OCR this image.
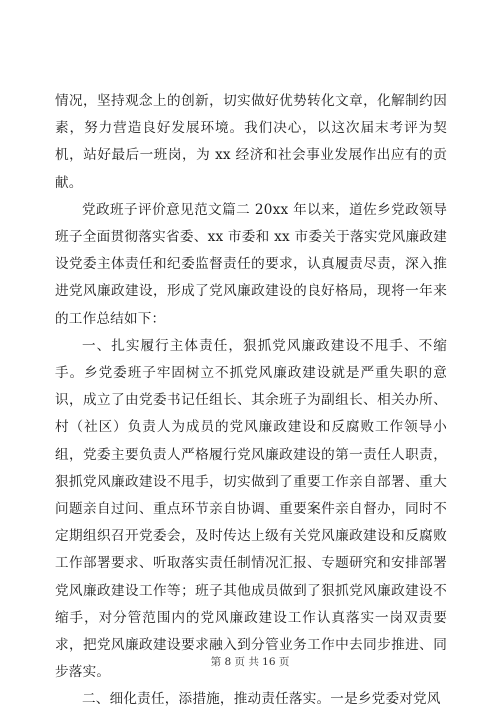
情况，坚持观念上的创新，切实做好优势转化文章，化解制约因素，努力营造良好发展环境。我们决心，以这次届末考评为契机，站好最后一班岗，为 xx 经济和社会事业发展作出应有的贡献。

党政班子评价意见范文篇二 20xx 年以来，道佐乡党政领导班子全面贯彻落实省委、xx 市委和 xx 市委关于落实党风廉政建设党委主体责任和纪委监督责任的要求，认真履责尽责，深入推进党风廉政建设，形成了党风廉政建设的良好格局，现将一年来的工作总结如下：

一、扎实履行主体责任，狠抓党风廉政建设不甩手、不缩手。乡党委班子牢固树立不抓党风廉政建设就是严重失职的意识，成立了由党委书记任组长、其余班子为副组长、相关办所、村（社区）负责人为成员的党风廉政建设和反腐败工作领导小组，党委主要负责人严格履行党风廉政建设的第一责任人职责，狠抓党风廉政建设不甩手，切实做到了重要工作亲自部署、重大问题亲自过问、重点环节亲自协调、重要案件亲自督办，同时不定期组织召开党委会，及时传达上级有关党风廉政建设和反腐败工作部署要求、听取落实责任制情况汇报、专题研究和安排部署党风廉政建设工作等；班子其他成员做到了狠抓党风廉政建设不缩手，对分管范围内的党风廉政建设工作认真落实一岗双责要求，把党风廉政建设要求融入到分管业务工作中去同步推进、同步落实。

二、细化责任，添措施，推动责任落实。一是乡党委对党风

第 8 页 共 16 页
